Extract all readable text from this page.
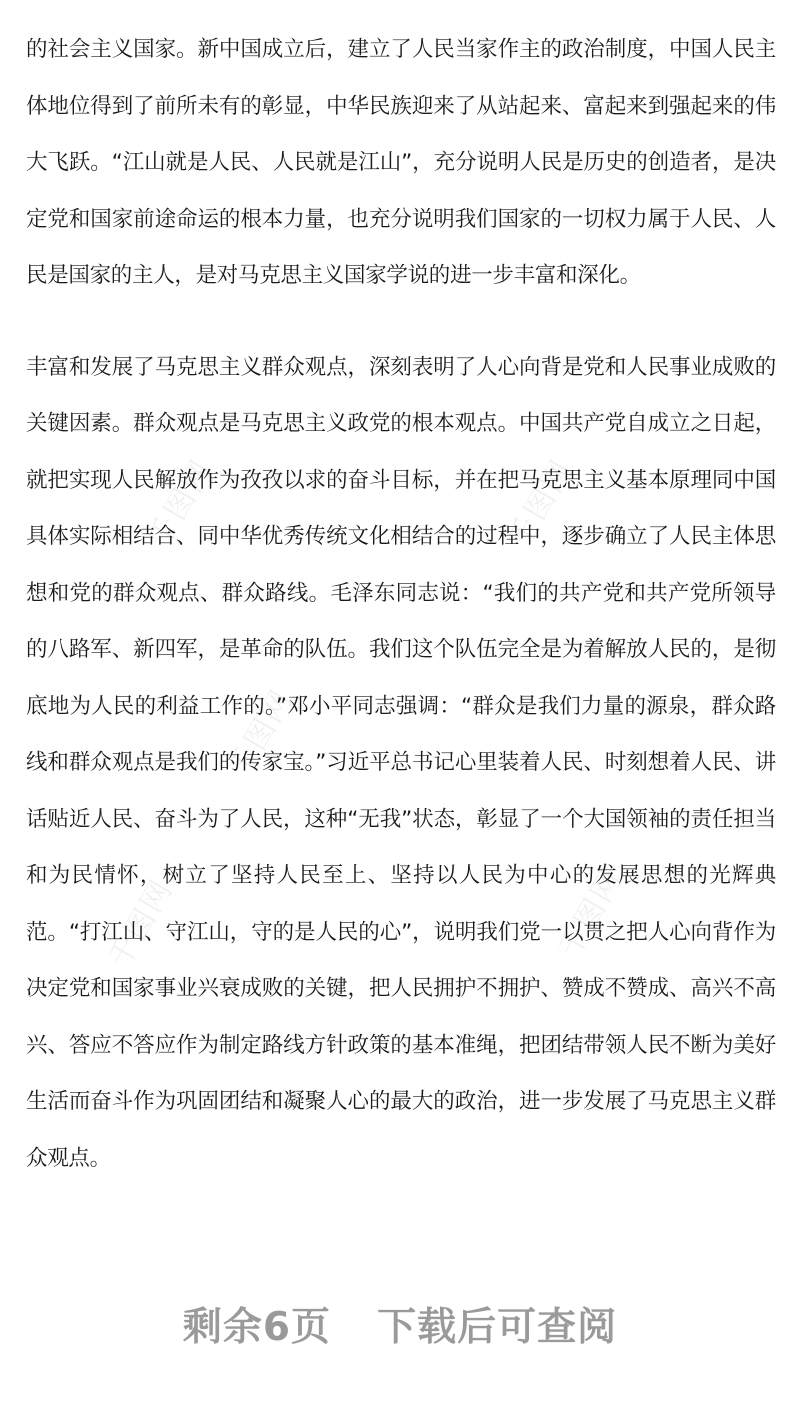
的社会主义国家。新中国成立后，建立了人民当家作主的政治制度，中国人民主体地位得到了前所未有的彰显，中华民族迎来了从站起来、富起来到强起来的伟大飞跃。“江山就是人民、人民就是江山”，充分说明人民是历史的创造者，是决定党和国家前途命运的根本力量，也充分说明我们国家的一切权力属于人民、人民是国家的主人，是对马克思主义国家学说的进一步丰富和深化。

丰富和发展了马克思主义群众观点，深刻表明了人心向背是党和人民事业成败的关键因素。群众观点是马克思主义政党的根本观点。中国共产党自成立之日起，就把实现人民解放作为孜孜以求的奋斗目标，并在把马克思主义基本原理同中国具体实际相结合、同中华优秀传统文化相结合的过程中，逐步确立了人民主体思想和党的群众观点、群众路线。毛泽东同志说：“我们的共产党和共产党所领导的八路军、新四军，是革命的队伍。我们这个队伍完全是为着解放人民的，是彻底地为人民的利益工作的。”邓小平同志强调：“群众是我们力量的源泉，群众路线和群众观点是我们的传家宝。”习近平总书记心里装着人民、时刻想着人民、讲话贴近人民、奋斗为了人民，这种“无我”状态，彰显了一个大国领袖的责任担当和为民情怀，树立了坚持人民至上、坚持以人民为中心的发展思想的光辉典范。“打江山、守江山，守的是人民的心”，说明我们党一以贯之把人心向背作为决定党和国家事业兴衰成败的关键，把人民拥护不拥护、赞成不赞成、高兴不高兴、答应不答应作为制定路线方针政策的基本准绳，把团结带领人民不断为美好生活而奋斗作为巩固团结和凝聚人心的最大的政治，进一步发展了马克思主义群众观点。

千图网	千图网
千图网
千图网	千图网
剩余6页 下载后可查阅
